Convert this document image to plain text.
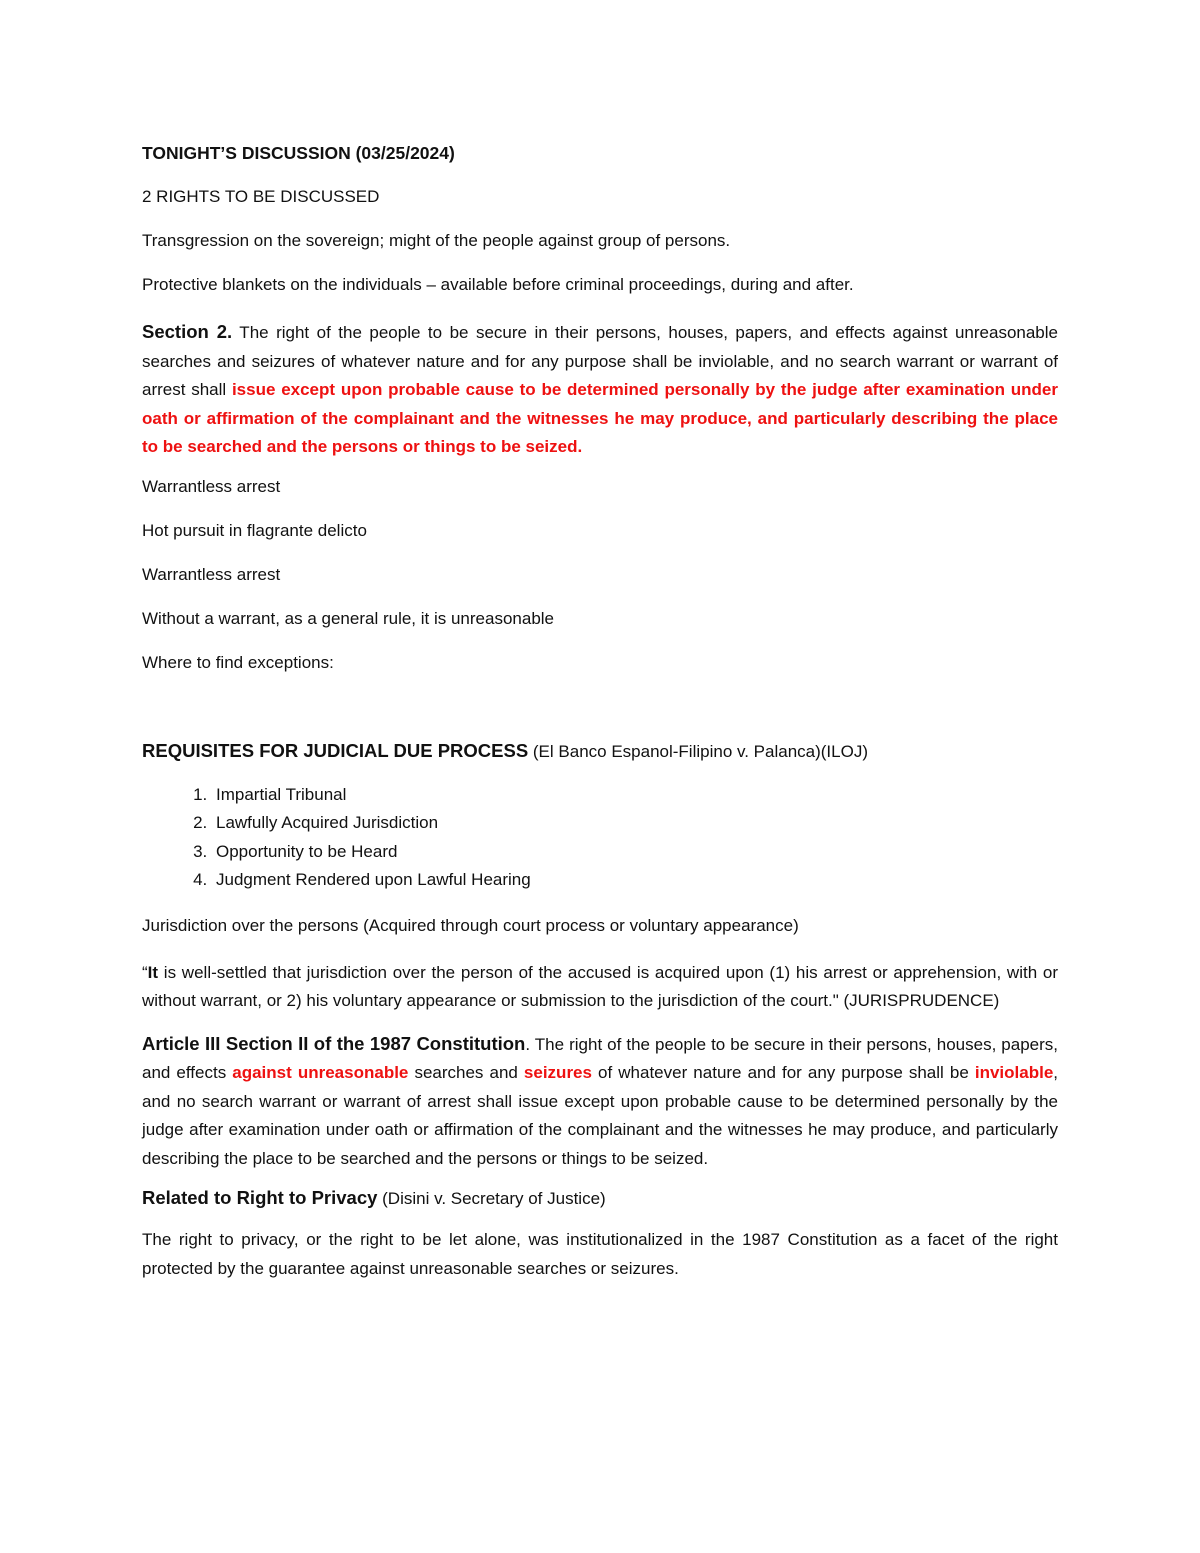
TONIGHT’S DISCUSSION (03/25/2024)
2 RIGHTS TO BE DISCUSSED
Transgression on the sovereign; might of the people against group of persons.
Protective blankets on the individuals – available before criminal proceedings, during and after.

Section 2. The right of the people to be secure in their persons, houses, papers, and effects against unreasonable searches and seizures of whatever nature and for any purpose shall be inviolable, and no search warrant or warrant of arrest shall issue except upon probable cause to be determined personally by the judge after examination under oath or affirmation of the complainant and the witnesses he may produce, and particularly describing the place to be searched and the persons or things to be seized.

Warrantless arrest
Hot pursuit in flagrante delicto
Warrantless arrest
Without a warrant, as a general rule, it is unreasonable
Where to find exceptions:
REQUISITES FOR JUDICIAL DUE PROCESS (El Banco Espanol-Filipino v. Palanca)(ILOJ)
1. Impartial Tribunal
2. Lawfully Acquired Jurisdiction
3. Opportunity to be Heard
4. Judgment Rendered upon Lawful Hearing
Jurisdiction over the persons (Acquired through court process or voluntary appearance)

“It is well-settled that jurisdiction over the person of the accused is acquired upon (1) his arrest or apprehension, with or without warrant, or 2) his voluntary appearance or submission to the jurisdiction of the court." (JURISPRUDENCE)

Article III Section II of the 1987 Constitution. The right of the people to be secure in their persons, houses, papers, and effects against unreasonable searches and seizures of whatever nature and for any purpose shall be inviolable, and no search warrant or warrant of arrest shall issue except upon probable cause to be determined personally by the judge after examination under oath or affirmation of the complainant and the witnesses he may produce, and particularly describing the place to be searched and the persons or things to be seized.

Related to Right to Privacy (Disini v. Secretary of Justice)

The right to privacy, or the right to be let alone, was institutionalized in the 1987 Constitution as a facet of the right protected by the guarantee against unreasonable searches or seizures.
